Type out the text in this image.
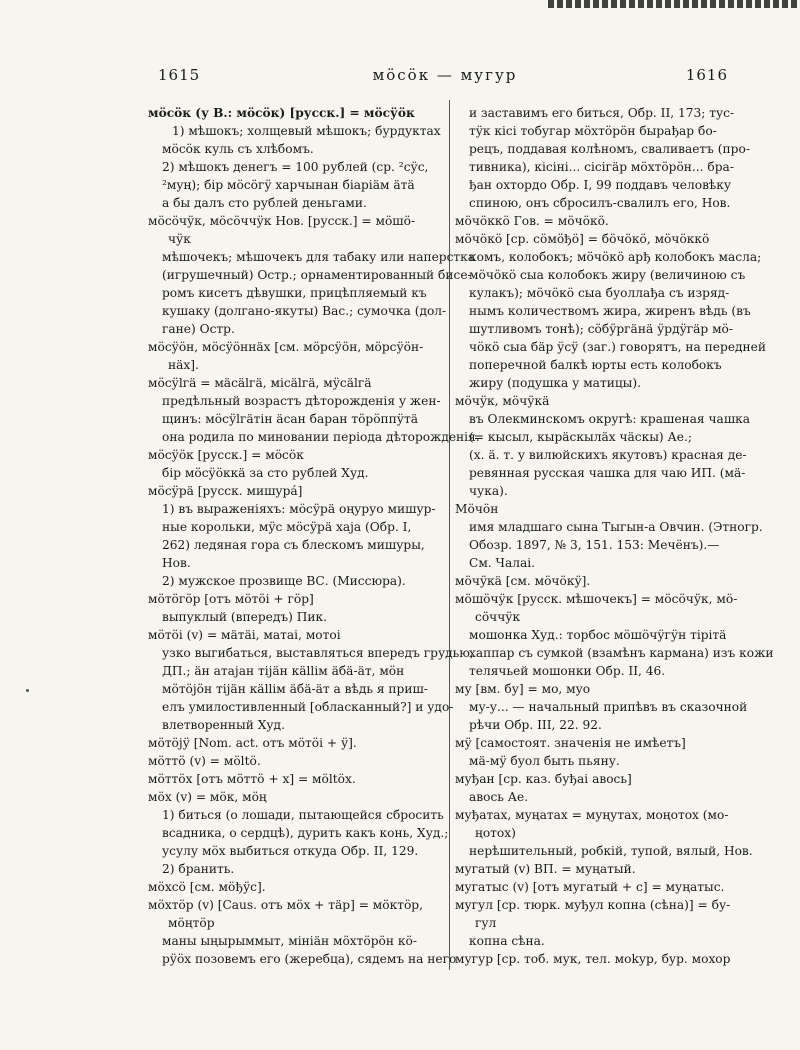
1615	мӧсӧк — мугур	1616
мӧсӧк (у В.: мӧсӧк) [русск.] = мӧсӱӧк
1) мѣшокъ; холщевый мѣшокъ; бурдуктах
мӧсӧк куль съ хлѣбомъ.
2) мѣшокъ денегъ = 100 рублей (ср. ²сӱс,
²муң); бір мӧсӧгӱ харчынан бiарiäм äтä
а бы далъ сто рублей деньгами.
мӧсӧчӱк, мӧсӧччӱк Нов. [русск.] = мӧшӧ-
чӱк
мѣшочекъ; мѣшочекъ для табаку или наперстка
(игрушечный) Остр.; орнаментированный бисе-
ромъ кисетъ дѣвушки, прицѣпляемый къ
кушаку (долгано-якуты) Вас.; сумочка (дол-
гане) Остр.
мӧсӱӧн, мӧсӱӧннäх [см. мӧрсӱӧн, мӧрсӱӧн-
нäх].
мӧсӱlгä = мäсälгä, мiсälгä, мӱсälгä
предѣльный возрастъ дѣторожденія у жен-
щинъ: мӧсӱlгäтiн äсан баран тӧрӧппӱтä
она родила по миновании періода дѣторожденія.
мӧсӱӧк [русск.] = мӧсӧк
бір мӧсӱӧккä за сто рублей Худ.
мӧсӱрä [русск. мишурá]
1) въ выраженіяхъ: мӧсӱрä оңуруо мишур-
ные корольки, мӱс мӧсӱрä хаја (Обр. I,
262) ледяная гора съ блескомъ мишуры,
Нов.
2) мужское прозвище ВС. (Миссюра).
мӧтӧгӧр [отъ мӧтӧi + гӧр]
выпуклый (впередъ) Пик.
мӧтӧi (v) = мäтäi, матаі, мотоі
узко выгибаться, выставляться впередъ грудью,
ДП.; äн атајан тiјäн кällім äбä-äт, мӧн
мӧтӧјӧн тiјäн кällім äбä-äт а вѣдь я приш-
елъ умилостивленный [обласканный?] и удо-
влетворенный Худ.
мӧтӧјӱ [Nom. act. отъ мӧтӧi + ӱ].
мӧттӧ (v) = мӧltӧ.
мӧттӧх [отъ мӧттӧ + х] = мӧltӧх.
мӧх (v) = мӧк, мӧң
1) биться (о лошади, пытающейся сбросить
всадника, о сердцѣ), дурить какъ конь, Худ.;
усулу мӧх выбиться откуда Обр. II, 129.
2) бранить.
мӧхсӧ [см. мӧђӱс].
мӧхтӧр (v) [Caus. отъ мӧх + тäр] = мӧктӧр,
мӧңтӧр
маны ыңырыммыт, мiнiäн мӧхтӧрӧн кӧ-
рӱӧх позовемъ его (жеребца), сядемъ на него
и заставимъ его биться, Обр. II, 173; тус-
тӱк кісі тобугар мӧхтӧрӧн бырађар бо-
рецъ, поддавая колѣномъ, сваливаетъ (про-
тивника), кісiнi... сiсiгäр мӧхтӧрӧн... бра-
ђан охтордо Обр. I, 99 поддавъ человѣку
спиною, онъ сбросилъ-свалилъ его, Нов.
мӧчӧккӧ Гов. = мӧчӧкӧ.
мӧчӧкӧ [ср. сӧмӧђӧ] = бӧчӧкӧ, мӧчӧккӧ
комъ, колобокъ; мӧчӧкӧ арђ колобокъ масла;
мӧчӧкӧ сыа колобокъ жиру (величиною съ
кулакъ); мӧчӧкӧ сыа буоллађа съ изряд-
нымъ количествомъ жира, жиренъ вѣдь (въ
шутливомъ тонѣ); сӧбӱргäнä ӱрдӱгäр мӧ-
чӧкӧ сыа бäр ӱсӱ (заг.) говорятъ, на передней
поперечной балкѣ юрты есть колобокъ
жиру (подушка у матицы).
мӧчӱк, мӧчӱкä
въ Олекминскомъ округѣ: крашеная чашка
(= кысыл, кырäскылäх чäскы) Ае.;
(х. ä. т. у вилюйскихъ якутовъ) красная де-
ревянная русская чашка для чаю ИП. (мä-
чука).
Мӧчӧн
имя младшаго сына Тыгын-а Овчин. (Этногр.
Обозр. 1897, № 3, 151. 153: Мечёнъ).—
См. Чалаі.
мӧчӱкä [см. мӧчӧкӱ].
мӧшӧчӱк [русск. мѣшочекъ] = мӧсӧчӱк, мӧ-
сӧччӱк
мошонка Худ.: торбос мӧшӧчӱгӱн тiрiтä
хаппар съ сумкой (взамѣнъ кармана) изъ кожи
телячьей мошонки Обр. II, 46.
му [вм. бу] = мо, муо
му-у... — начальный припѣвъ въ сказочной
рѣчи Обр. III, 22. 92.
мӱ [самостоят. значенія не имѣетъ]
мä-мӱ буол быть пьяну.
муђан [ср. каз. буђаі авось]
авось Ае.
муђатах, муңатах = муңутах, моңотох (мо-
ңотох)
нерѣшительный, робкій, тупой, вялый, Нов.
мугатый (v) ВП. = муңатый.
мугатыс (v) [отъ мугатый + с] = муңатыс.
мугул [ср. тюрк. муђул копна (сѣна)] = бу-
гул
копна сѣна.
мугур [ср. тоб. мук, тел. моkур, бур. мохор
